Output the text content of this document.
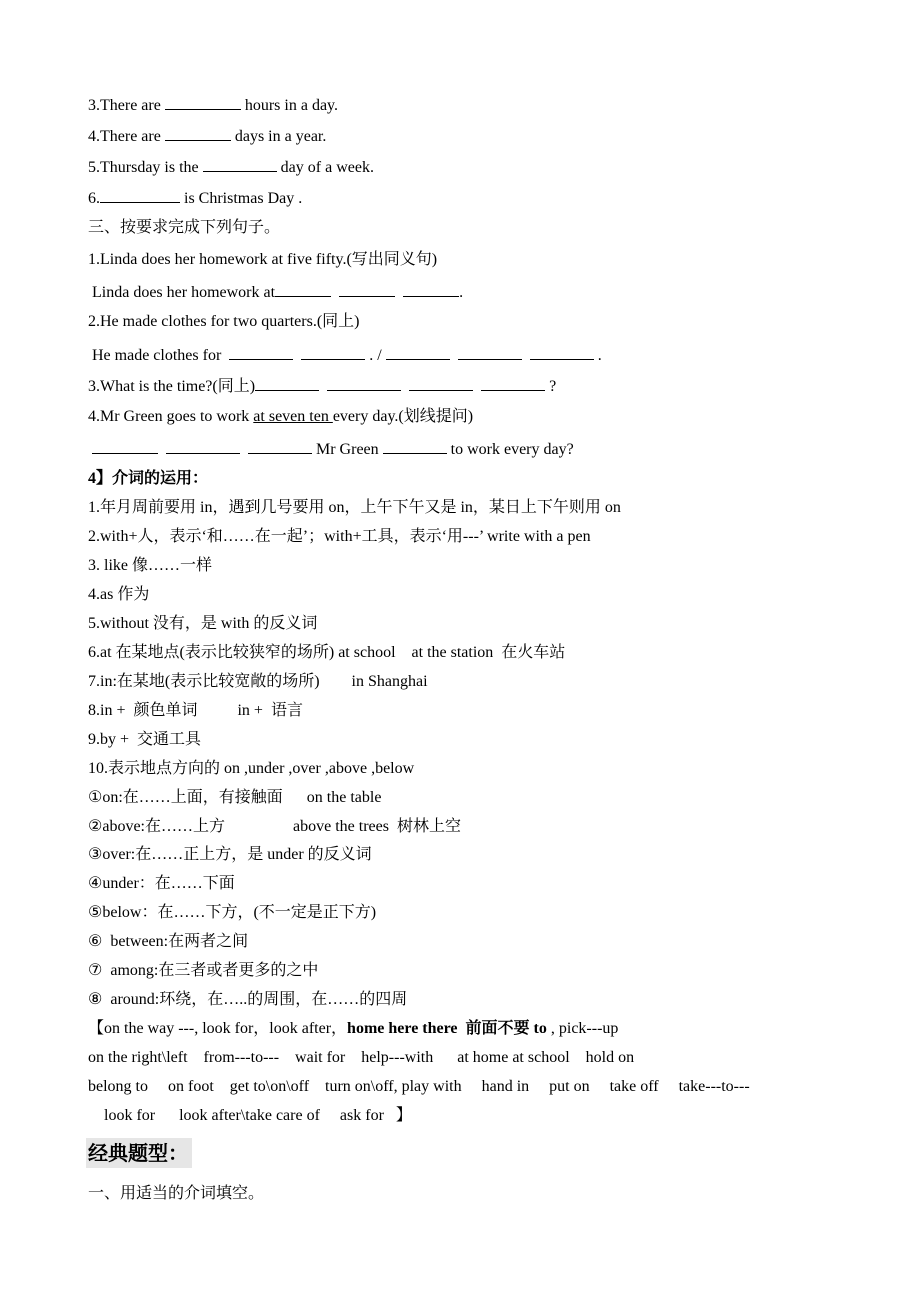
3.There are	hours in a day.
4.There are	days in a year.
5.Thursday is the	day of a week.
6.	is Christmas Day .
三、按要求完成下列句子。
1.Linda does her homework at five fifty.(写出同义句)
Linda does her homework at	.
2.He made clothes for two quarters.(同上)
He made clothes for	. /	.
3.What is the time?(同上)	?
4.Mr Green goes to work at seven ten every day.(划线提问)
Mr Green	to work every day?
4】介词的运用：
1.年月周前要用 in，遇到几号要用 on，上午下午又是 in，某日上下午则用 on
2.with+人，表示‘和……在一起’；with+工具，表示‘用---’ write with a pen
3. like 像……一样
4.as 作为
5.without 没有，是 with 的反义词
6.at 在某地点(表示比较狭窄的场所) at school    at the station  在火车站
7.in:在某地(表示比较宽敞的场所)        in Shanghai
8.in +  颜色单词          in +  语言
9.by +  交通工具
10.表示地点方向的 on ,under ,over ,above ,below
①on:在……上面，有接触面      on the table
②above:在……上方                 above the trees  树林上空
③over:在……正上方，是 under 的反义词
④under：在……下面
⑤below：在……下方，(不一定是正下方)
⑥  between:在两者之间
⑦  among:在三者或者更多的之中
⑧  around:环绕，在…..的周围，在……的四周
【on the way ---, look for，look after，home here there  前面不要 to , pick---up
on the right\left    from---to---    wait for    help---with      at home at school    hold on
belong to     on foot    get to\on\off    turn on\off, play with     hand in     put on     take off     take---to---
look for      look after\take care of     ask for   】
经典题型：
一、用适当的介词填空。
